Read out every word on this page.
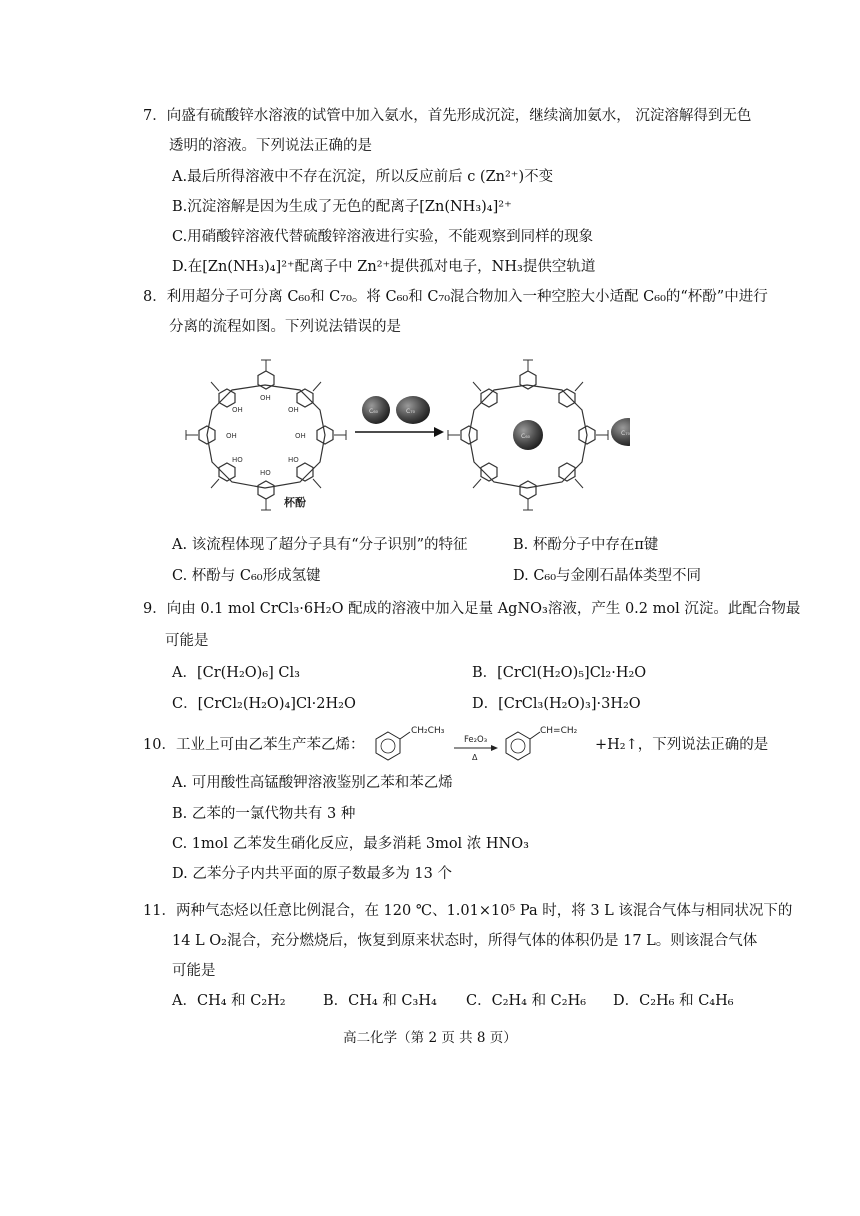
7．向盛有硫酸锌水溶液的试管中加入氨水，首先形成沉淀，继续滴加氨水， 沉淀溶解得到无色
透明的溶液。下列说法正确的是
A.最后所得溶液中不存在沉淀，所以反应前后 c (Zn²⁺)不变
B.沉淀溶解是因为生成了无色的配离子[Zn(NH₃)₄]²⁺
C.用硝酸锌溶液代替硫酸锌溶液进行实验，不能观察到同样的现象
D.在[Zn(NH₃)₄]²⁺配离子中 Zn²⁺提供孤对电子，NH₃提供空轨道
8．利用超分子可分离 C₆₀和 C₇₀。将 C₆₀和 C₇₀混合物加入一种空腔大小适配 C₆₀的“杯酚”中进行
分离的流程如图。下列说法错误的是
OH
OH
OH
HO
HO
HO
OH
OH
杯酚
C₆₀	C₇₀
C₆₀	C₇₀
A. 该流程体现了超分子具有“分子识别”的特征	B. 杯酚分子中存在π键
C. 杯酚与 C₆₀形成氢键	D. C₆₀与金刚石晶体类型不同
9．向由 0.1 mol CrCl₃·6H₂O 配成的溶液中加入足量 AgNO₃溶液，产生 0.2 mol 沉淀。此配合物最
可能是
A．[Cr(H₂O)₆] Cl₃	B．[CrCl(H₂O)₅]Cl₂·H₂O
C．[CrCl₂(H₂O)₄]Cl·2H₂O	D．[CrCl₃(H₂O)₃]·3H₂O
10．工业上可由乙苯生产苯乙烯：
CH₂CH₃
Fe₂O₃
Δ
CH=CH₂
+H₂↑，下列说法正确的是
A. 可用酸性高锰酸钾溶液鉴别乙苯和苯乙烯
B. 乙苯的一氯代物共有 3 种
C. 1mol 乙苯发生硝化反应，最多消耗 3mol 浓 HNO₃
D. 乙苯分子内共平面的原子数最多为 13 个
11．两种气态烃以任意比例混合，在 120 ℃、1.01×10⁵ Pa 时，将 3 L 该混合气体与相同状况下的
14 L O₂混合，充分燃烧后，恢复到原来状态时，所得气体的体积仍是 17 L。则该混合气体
可能是
A．CH₄ 和 C₂H₂	B．CH₄ 和 C₃H₄ C．C₂H₄ 和 C₂H₆ D．C₂H₆ 和 C₄H₆
高二化学（第 2 页 共 8 页）
